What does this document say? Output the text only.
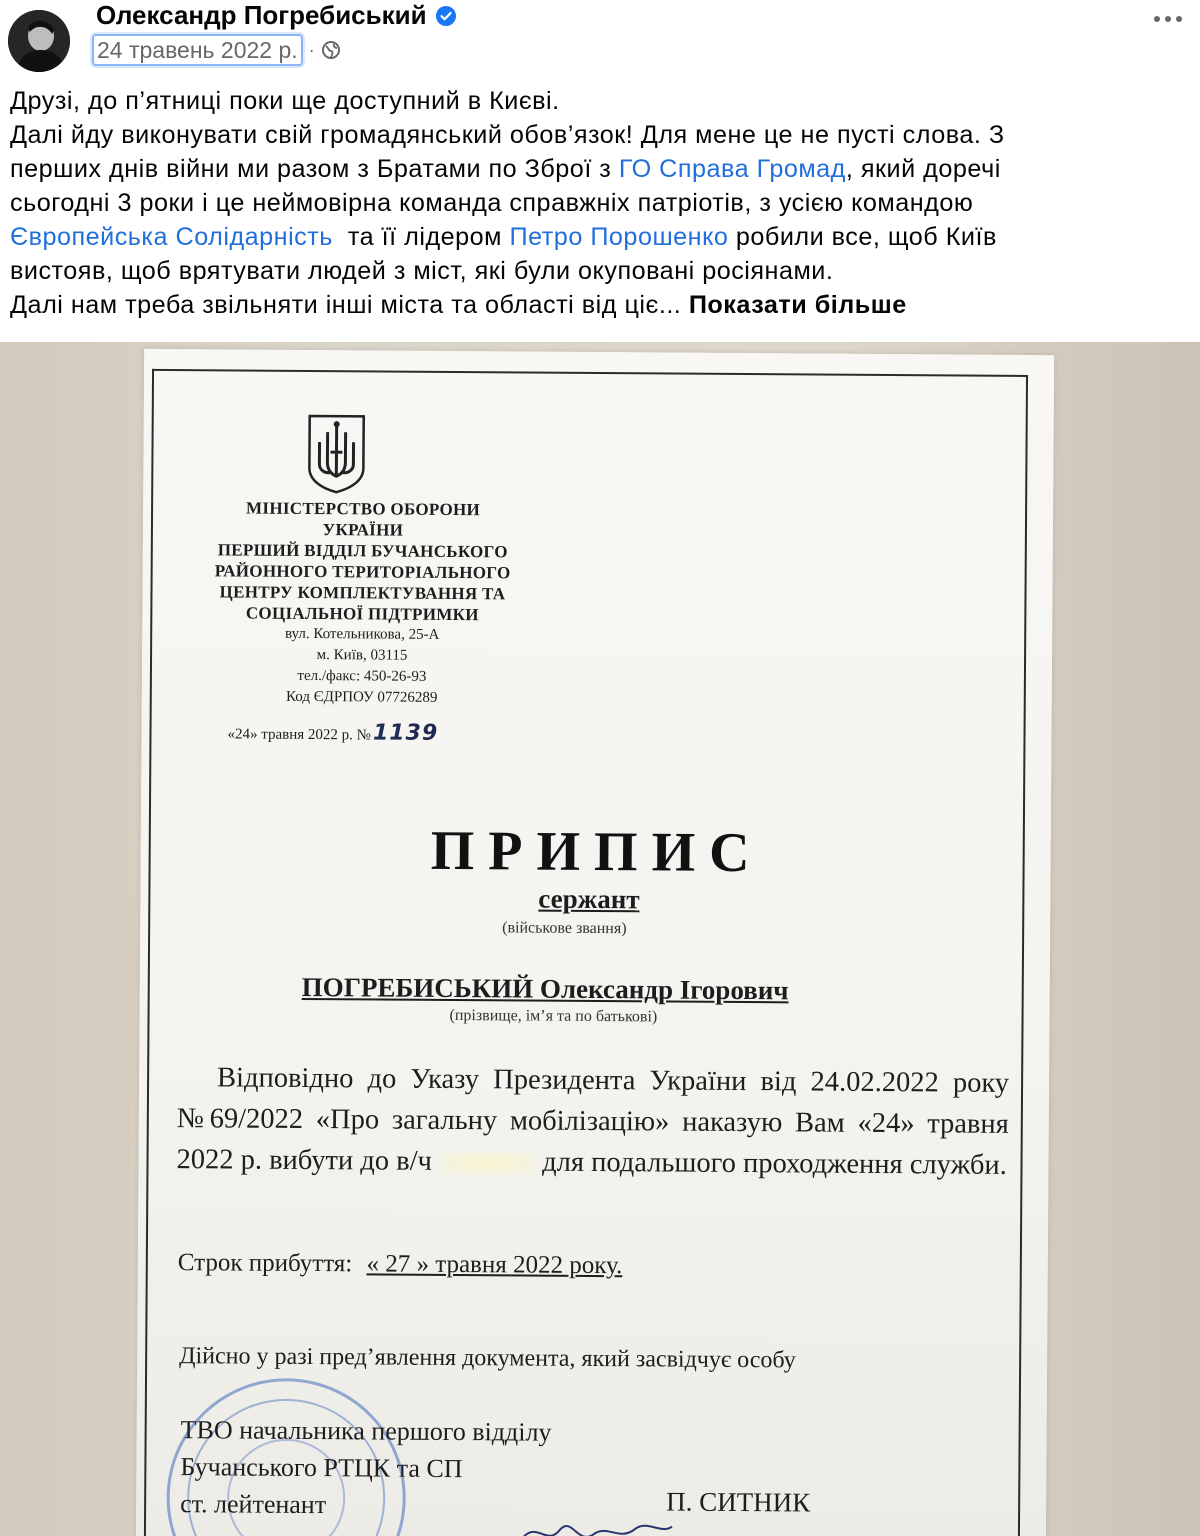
Олександр Погребиський
24 травень 2022 р. ·
Друзі, до п’ятниці поки ще доступний в Києві.
Далі йду виконувати свій громадянський обов’язок! Для мене це не пусті слова. З
перших днів війни ми разом з Братами по Зброї з ГО Справа Громад, який доречі
сьогодні 3 роки і це неймовірна команда справжніх патріотів, з усією командою
Європейська Солідарність  та її лідером Петро Порошенко робили все, щоб Київ
вистояв, щоб врятувати людей з міст, які були окуповані росіянами.
Далі нам треба звільняти інші міста та області від ціє... Показати більше
МІНІСТЕРСТВО ОБОРОНИ
УКРАЇНИ
ПЕРШИЙ ВІДДІЛ БУЧАНСЬКОГО
РАЙОННОГО ТЕРИТОРІАЛЬНОГО
ЦЕНТРУ КОМПЛЕКТУВАННЯ ТА
СОЦІАЛЬНОЇ ПІДТРИМКИ
вул. Котельникова, 25-А
м. Київ, 03115
тел./факс: 450-26-93
Код ЄДРПОУ 07726289
«24» травня 2022 р. №1139
ПРИПИС
сержант
(військове звання)
ПОГРЕБИСЬКИЙ Олександр Ігорович
(прізвище, ім’я та по батькові)
Відповідно до Указу Президента України від 24.02.2022 року №69/2022 «Про загальну мобілізацію» наказую Вам «24» травня 2022 р. вибути до в/ч	для подальшого проходження служби.
Строк прибуття: « 27 » травня 2022 року.
Дійсно у разі пред’явлення документа, який засвідчує особу
ТВО начальника першого відділу
Бучанського РТЦК та СП
ст. лейтенант	П. СИТНИК
